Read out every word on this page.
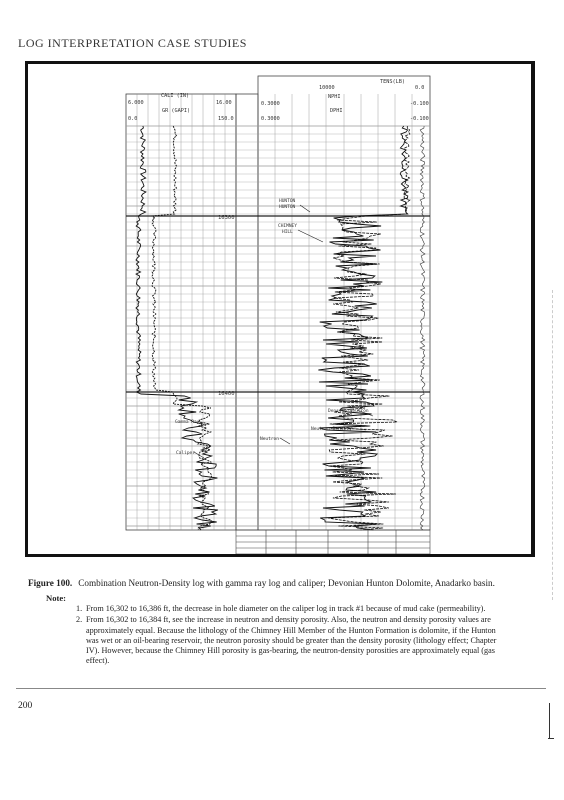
LOG INTERPRETATION CASE STUDIES
TENS(LB)
10000	0.0
NPHI
0.3000	-0.100
DPHI
0.3000	-0.100
CALI (IN)
6.000	16.00
GR (GAPI)
0.0	150.0
16300
16400
HUNTON
HUNTON
CHIMNEY
HILL
Density-Neutron
Neutron-Density
Neutron
Gamma Ray
Caliper
Figure 100. Combination Neutron-Density log with gamma ray log and caliper; Devonian Hunton Dolomite, Anadarko basin.
Note:
1. From 16,302 to 16,386 ft, the decrease in hole diameter on the caliper log in track #1 because of mud cake (permeability).
2. From 16,302 to 16,384 ft, see the increase in neutron and density porosity. Also, the neutron and density porosity values are approximately equal. Because the lithology of the Chimney Hill Member of the Hunton Formation is dolomite, if the Hunton was wet or an oil-bearing reservoir, the neutron porosity should be greater than the density porosity (lithology effect; Chapter IV). However, because the Chimney Hill porosity is gas-bearing, the neutron-density porosities are approximately equal (gas effect).
200
